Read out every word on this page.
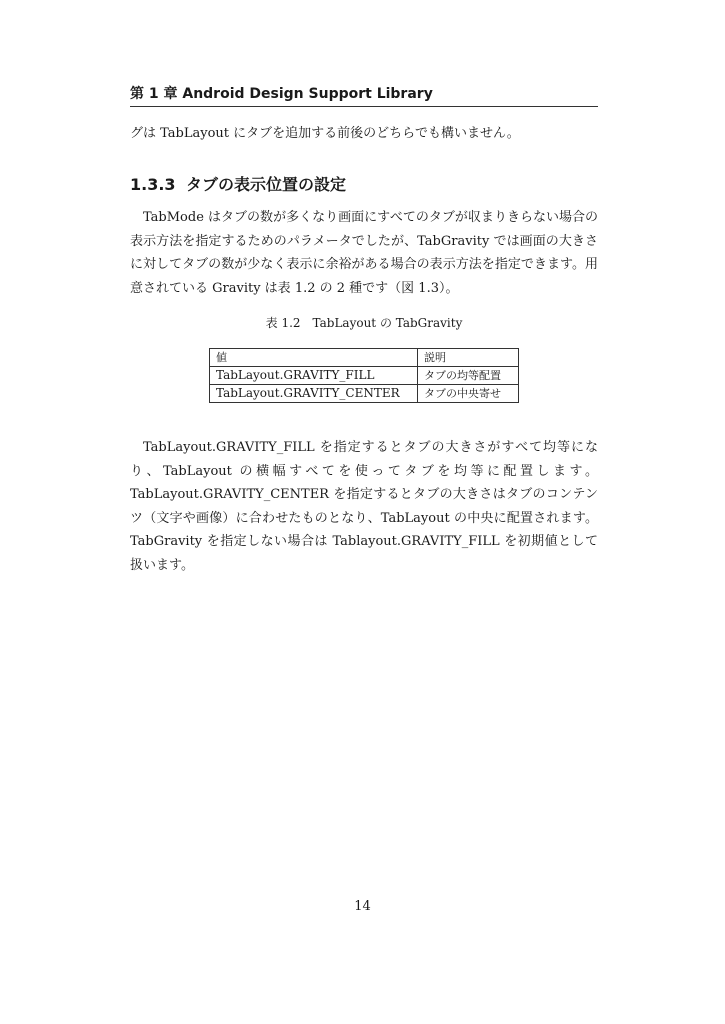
第 1 章 Android Design Support Library

グは TabLayout にタブを追加する前後のどちらでも構いません。

1.3.3 タブの表示位置の設定

TabMode はタブの数が多くなり画面にすべてのタブが収まりきらない場合の表示方法を指定するためのパラメータでしたが、TabGravity では画面の大きさに対してタブの数が少なく表示に余裕がある場合の表示方法を指定できます。用意されている Gravity は表 1.2 の 2 種です（図 1.3）。

表 1.2　TabLayout の TabGravity

値	説明
TabLayout.GRAVITY_FILL	タブの均等配置
TabLayout.GRAVITY_CENTER	タブの中央寄せ

TabLayout.GRAVITY_FILL を指定するとタブの大きさがすべて均等になり、TabLayout の横幅すべてを使ってタブを均等に配置します。TabLayout.GRAVITY_CENTER を指定するとタブの大きさはタブのコンテンツ（文字や画像）に合わせたものとなり、TabLayout の中央に配置されます。TabGravity を指定しない場合は Tablayout.GRAVITY_FILL を初期値として扱います。

14
